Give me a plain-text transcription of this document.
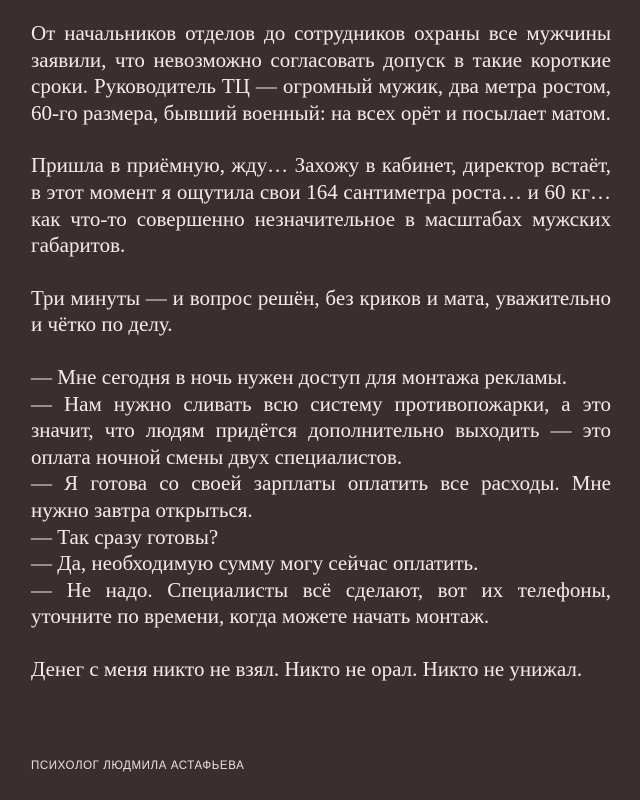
От начальников отделов до сотрудников охраны все мужчины заявили, что невозможно согласовать допуск в такие короткие сроки. Руководитель ТЦ — огромный мужик, два метра ростом, 60-го размера, бывший военный: на всех орёт и посылает матом.

Пришла в приёмную, жду… Захожу в кабинет, директор встаёт, в этот момент я ощутила свои 164 сантиметра роста… и 60 кг… как что-то совершенно незначительное в масштабах мужских габаритов.

Три минуты — и вопрос решён, без криков и мата, уважительно и чётко по делу.

— Мне сегодня в ночь нужен доступ для монтажа рекламы.

— Нам нужно сливать всю систему противопожарки, а это значит, что людям придётся дополнительно выходить — это оплата ночной смены двух специалистов.

— Я готова со своей зарплаты оплатить все расходы. Мне нужно завтра открыться.

— Так сразу готовы?

— Да, необходимую сумму могу сейчас оплатить.

— Не надо. Специалисты всё сделают, вот их телефоны, уточните по времени, когда можете начать монтаж.

Денег с меня никто не взял. Никто не орал. Никто не унижал.

ПСИХОЛОГ ЛЮДМИЛА АСТАФЬЕВА
